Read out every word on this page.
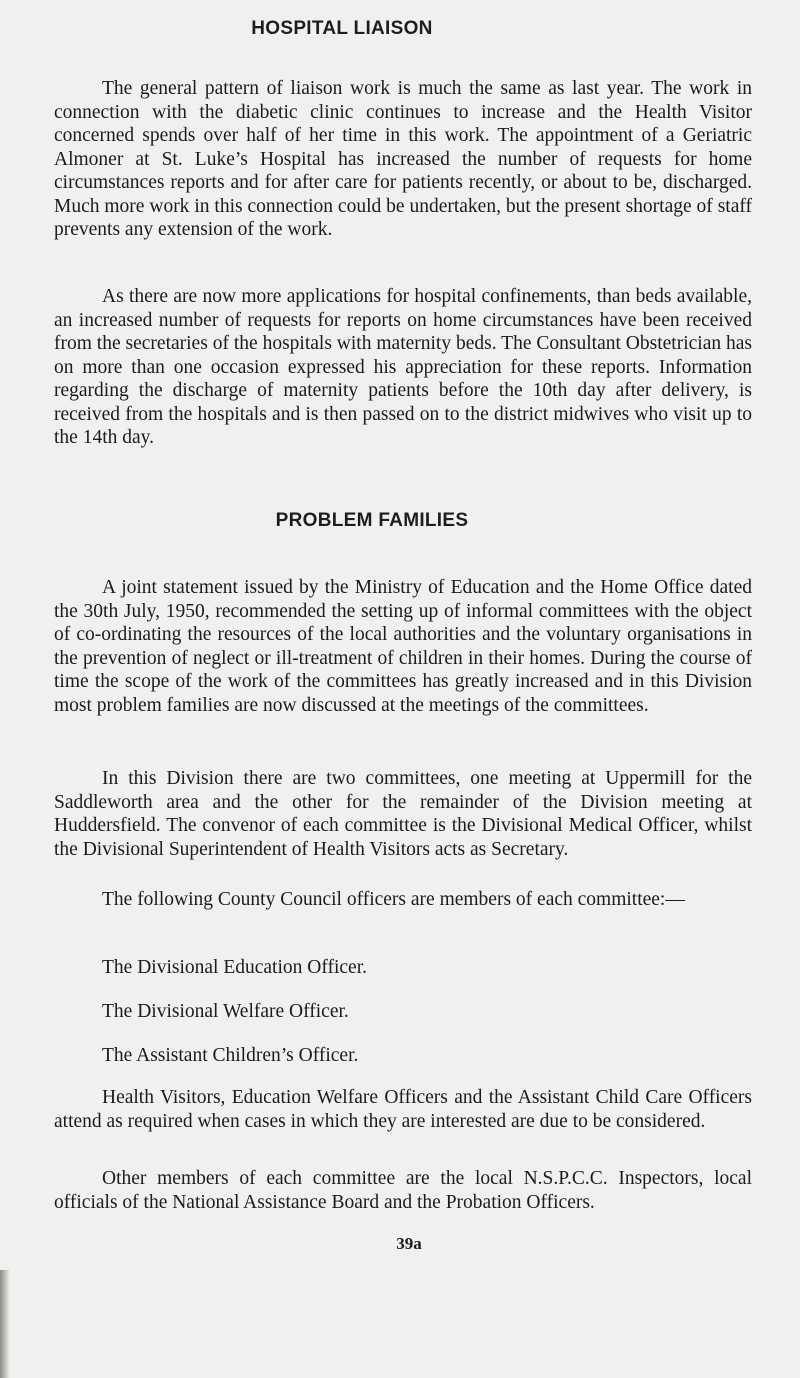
HOSPITAL LIAISON

The general pattern of liaison work is much the same as last year. The work in connection with the diabetic clinic continues to increase and the Health Visitor concerned spends over half of her time in this work. The appointment of a Geriatric Almoner at St. Luke’s Hospital has increased the number of requests for home circumstances reports and for after care for patients recently, or about to be, discharged. Much more work in this connection could be undertaken, but the present shortage of staff prevents any extension of the work.

As there are now more applications for hospital confinements, than beds available, an increased number of requests for reports on home circumstances have been received from the secretaries of the hospitals with maternity beds. The Consultant Obstetrician has on more than one occasion expressed his appreciation for these reports. Information regarding the discharge of maternity patients before the 10th day after delivery, is received from the hospitals and is then passed on to the district midwives who visit up to the 14th day.

PROBLEM FAMILIES

A joint statement issued by the Ministry of Education and the Home Office dated the 30th July, 1950, recommended the setting up of informal committees with the object of co-ordinating the resources of the local authorities and the voluntary organisations in the prevention of neglect or ill-treatment of children in their homes. During the course of time the scope of the work of the committees has greatly increased and in this Division most problem families are now discussed at the meetings of the committees.

In this Division there are two committees, one meeting at Uppermill for the Saddleworth area and the other for the remainder of the Division meeting at Huddersfield. The convenor of each committee is the Divisional Medical Officer, whilst the Divisional Superintendent of Health Visitors acts as Secretary.

The following County Council officers are members of each committee:—

The Divisional Education Officer.

The Divisional Welfare Officer.

The Assistant Children’s Officer.

Health Visitors, Education Welfare Officers and the Assistant Child Care Officers attend as required when cases in which they are interested are due to be considered.

Other members of each committee are the local N.S.P.C.C. Inspectors, local officials of the National Assistance Board and the Probation Officers.

39a
